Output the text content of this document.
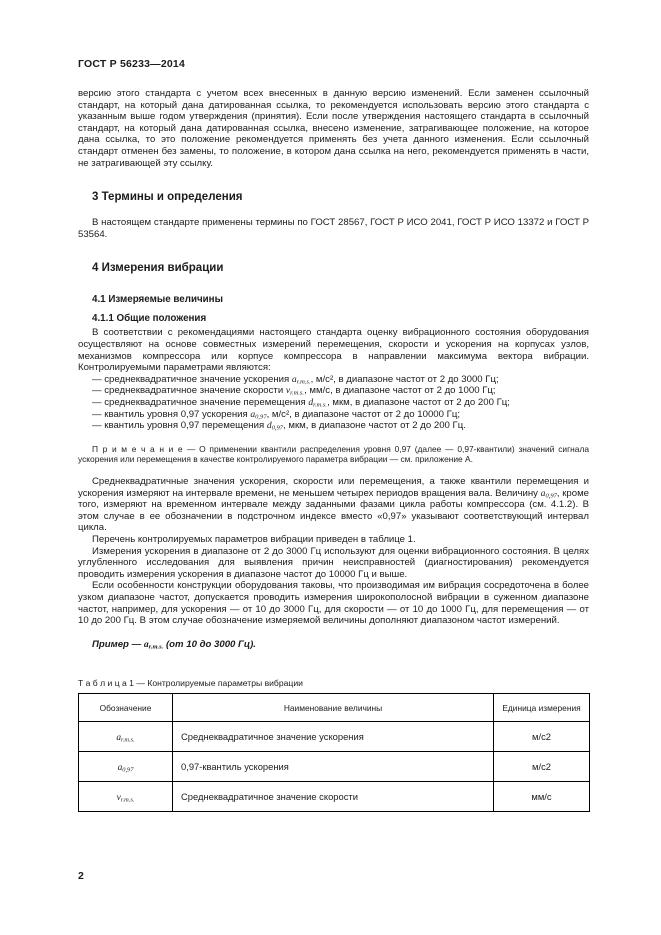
ГОСТ Р 56233—2014

версию этого стандарта с учетом всех внесенных в данную версию изменений. Если заменен ссылочный стандарт, на который дана датированная ссылка, то рекомендуется использовать версию этого стандарта с указанным выше годом утверждения (принятия). Если после утверждения настоящего стандарта в ссылочный стандарт, на который дана датированная ссылка, внесено изменение, затрагивающее положение, на которое дана ссылка, то это положение рекомендуется применять без учета данного изменения. Если ссылочный стандарт отменен без замены, то положение, в котором дана ссылка на него, рекомендуется применять в части, не затрагивающей эту ссылку.

3 Термины и определения

В настоящем стандарте применены термины по ГОСТ 28567, ГОСТ Р ИСО 2041, ГОСТ Р ИСО 13372 и ГОСТ Р 53564.

4 Измерения вибрации
4.1 Измеряемые величины
4.1.1 Общие положения

В соответствии с рекомендациями настоящего стандарта оценку вибрационного состояния оборудования осуществляют на основе совместных измерений перемещения, скорости и ускорения на корпусах узлов, механизмов компрессора или корпусе компрессора в направлении максимума вектора вибрации. Контролируемыми параметрами являются:

— среднеквадратичное значение ускорения $a_{r.m.s.}$, м/с², в диапазоне частот от 2 до 3000 Гц;
— среднеквадратичное значение скорости $v_{r.m.s.}$, мм/с, в диапазоне частот от 2 до 1000 Гц;
— среднеквадратичное значение перемещения $d_{r.m.s.}$, мкм, в диапазоне частот от 2 до 200 Гц;
— квантиль уровня 0,97 ускорения $a_{0,97}$, м/с², в диапазоне частот от 2 до 10000 Гц;
— квантиль уровня 0,97 перемещения $d_{0,97}$, мкм, в диапазоне частот от 2 до 200 Гц.

П р и м е ч а н и е — О применении квантили распределения уровня 0,97 (далее — 0,97-квантили) значений сигнала ускорения или перемещения в качестве контролируемого параметра вибрации — см. приложение А.

Среднеквадратичные значения ускорения, скорости или перемещения, а также квантили перемещения и ускорения измеряют на интервале времени, не меньшем четырех периодов вращения вала. Величину $a_{0,97}$, кроме того, измеряют на временном интервале между заданными фазами цикла работы компрессора (см. 4.1.2). В этом случае в ее обозначении в подстрочном индексе вместо «0,97» указывают соответствующий интервал цикла.

Перечень контролируемых параметров вибрации приведен в таблице 1.

Измерения ускорения в диапазоне от 2 до 3000 Гц используют для оценки вибрационного состояния. В целях углубленного исследования для выявления причин неисправностей (диагностирования) рекомендуется проводить измерения ускорения в диапазоне частот до 10000 Гц и выше.

Если особенности конструкции оборудования таковы, что производимая им вибрация сосредоточена в более узком диапазоне частот, допускается проводить измерения широкополосной вибрации в суженном диапазоне частот, например, для ускорения — от 10 до 3000 Гц, для скорости — от 10 до 1000 Гц, для перемещения — от 10 до 200 Гц. В этом случае обозначение измеряемой величины дополняют диапазоном частот измерений.

Пример — $a_{r.m.s.}$ (от 10 до 3000 Гц).

Т а б л и ц а 1 — Контролируемые параметры вибрации

Обозначение	Наименование величины	Единица измерения
$a_{r.m.s.}$	Среднеквадратичное значение ускорения	м/с2
$a_{0,97}$	0,97-квантиль ускорения	м/с2
$v_{r.m.s.}$	Среднеквадратичное значение скорости	мм/с
2
